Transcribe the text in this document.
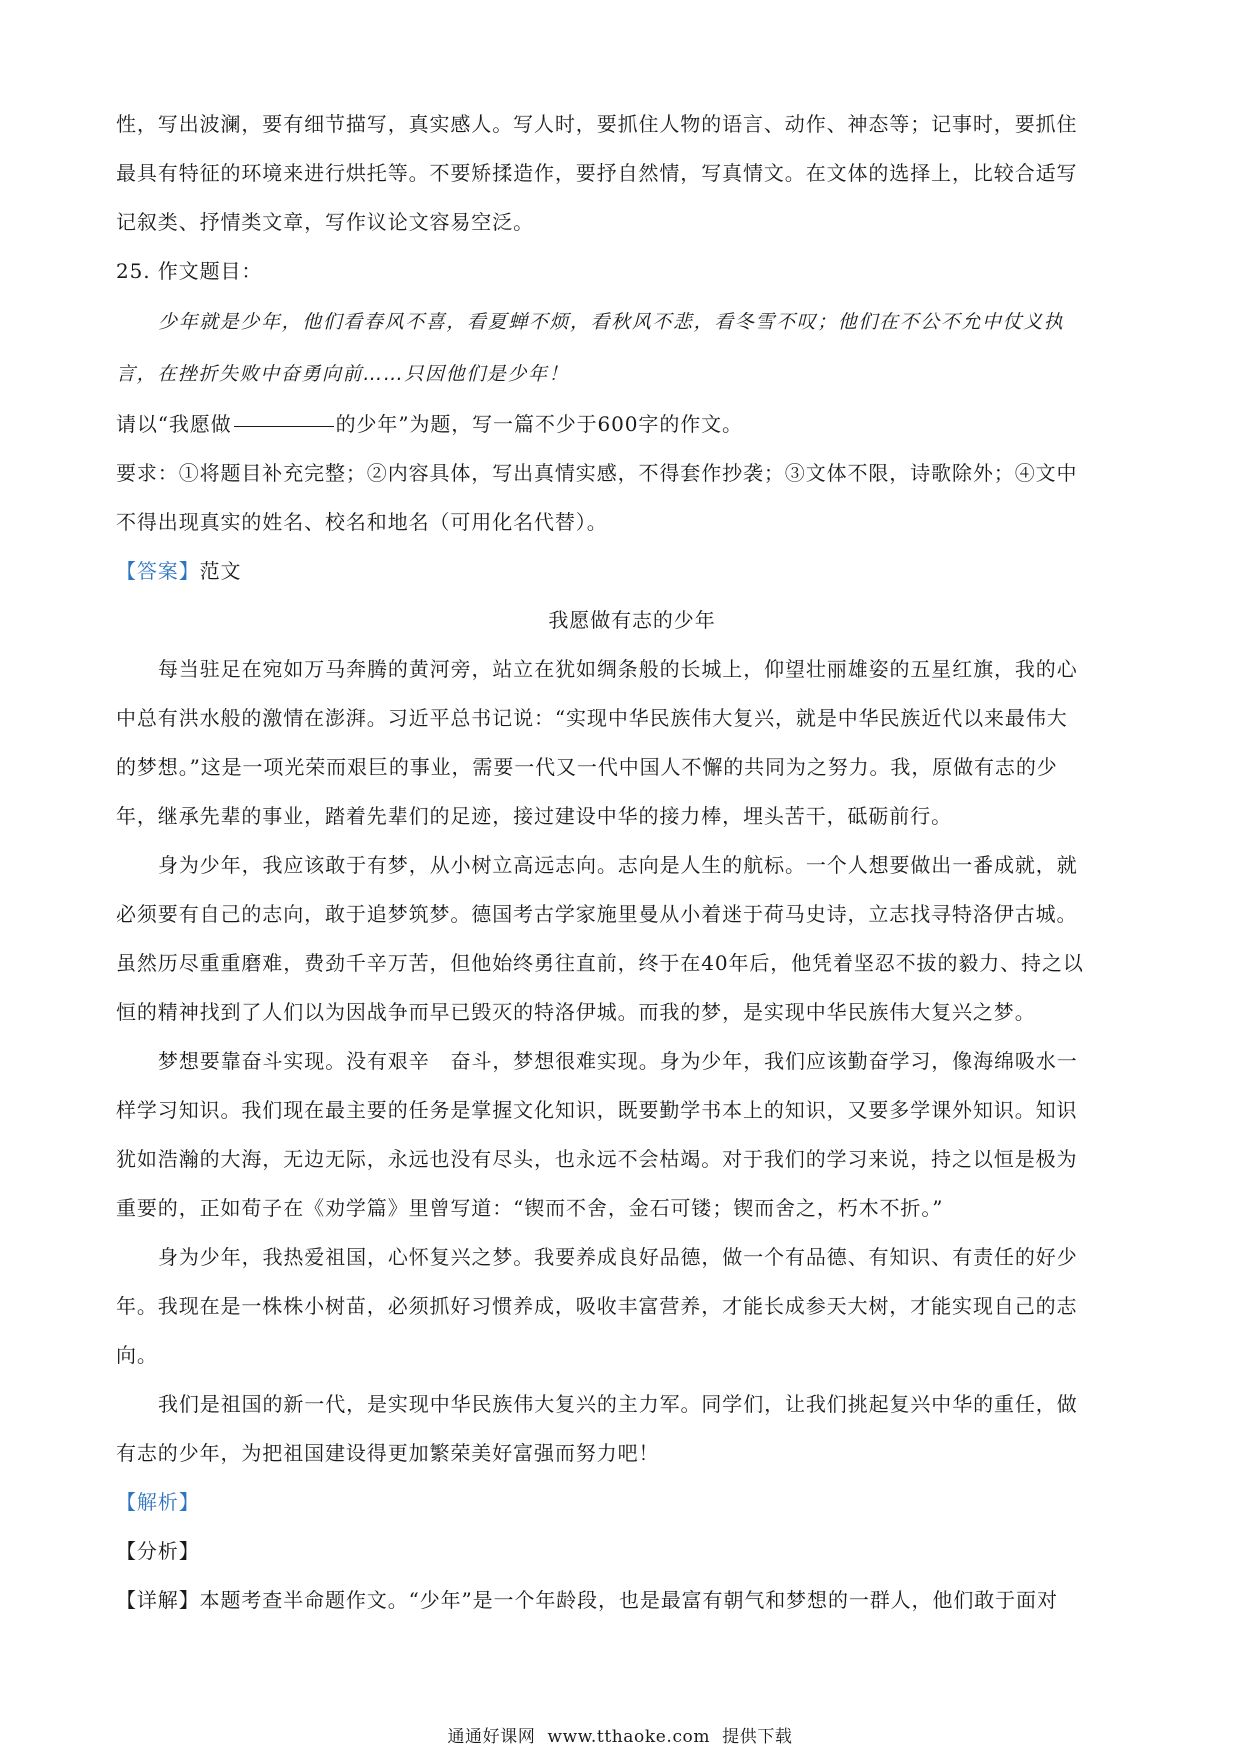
性，写出波澜，要有细节描写，真实感人。写人时，要抓住人物的语言、动作、神态等；记事时，要抓住

最具有特征的环境来进行烘托等。不要矫揉造作，要抒自然情，写真情文。在文体的选择上，比较合适写

记叙类、抒情类文章，写作议论文容易空泛。

25. 作文题目：

少年就是少年，他们看春风不喜，看夏蝉不烦，看秋风不悲，看冬雪不叹；他们在不公不允中仗义执

言，在挫折失败中奋勇向前……只因他们是少年！

请以“我愿做	的少年”为题，写一篇不少于600字的作文。

要求：①将题目补充完整；②内容具体，写出真情实感，不得套作抄袭；③文体不限，诗歌除外；④文中

不得出现真实的姓名、校名和地名（可用化名代替）。

【答案】范文

我愿做有志的少年

每当驻足在宛如万马奔腾的黄河旁，站立在犹如绸条般的长城上，仰望壮丽雄姿的五星红旗，我的心

中总有洪水般的激情在澎湃。习近平总书记说：“实现中华民族伟大复兴，就是中华民族近代以来最伟大

的梦想。”这是一项光荣而艰巨的事业，需要一代又一代中国人不懈的共同为之努力。我，原做有志的少

年，继承先辈的事业，踏着先辈们的足迹，接过建设中华的接力棒，埋头苦干，砥砺前行。

身为少年，我应该敢于有梦，从小树立高远志向。志向是人生的航标。一个人想要做出一番成就，就

必须要有自己的志向，敢于追梦筑梦。德国考古学家施里曼从小着迷于荷马史诗，立志找寻特洛伊古城。

虽然历尽重重磨难，费劲千辛万苦，但他始终勇往直前，终于在40年后，他凭着坚忍不拔的毅力、持之以

恒的精神找到了人们以为因战争而早已毁灭的特洛伊城。而我的梦，是实现中华民族伟大复兴之梦。

梦想要靠奋斗实现。没有艰辛　奋斗，梦想很难实现。身为少年，我们应该勤奋学习，像海绵吸水一

样学习知识。我们现在最主要的任务是掌握文化知识，既要勤学书本上的知识，又要多学课外知识。知识

犹如浩瀚的大海，无边无际，永远也没有尽头，也永远不会枯竭。对于我们的学习来说，持之以恒是极为

重要的，正如荀子在《劝学篇》里曾写道：“锲而不舍，金石可镂；锲而舍之，朽木不折。”

身为少年，我热爱祖国，心怀复兴之梦。我要养成良好品德，做一个有品德、有知识、有责任的好少

年。我现在是一株株小树苗，必须抓好习惯养成，吸收丰富营养，才能长成参天大树，才能实现自己的志

向。

我们是祖国的新一代，是实现中华民族伟大复兴的主力军。同学们，让我们挑起复兴中华的重任，做

有志的少年，为把祖国建设得更加繁荣美好富强而努力吧！

【解析】

【分析】

【详解】本题考查半命题作文。“少年”是一个年龄段，也是最富有朝气和梦想的一群人，他们敢于面对

通通好课网 www.tthaoke.com 提供下载
